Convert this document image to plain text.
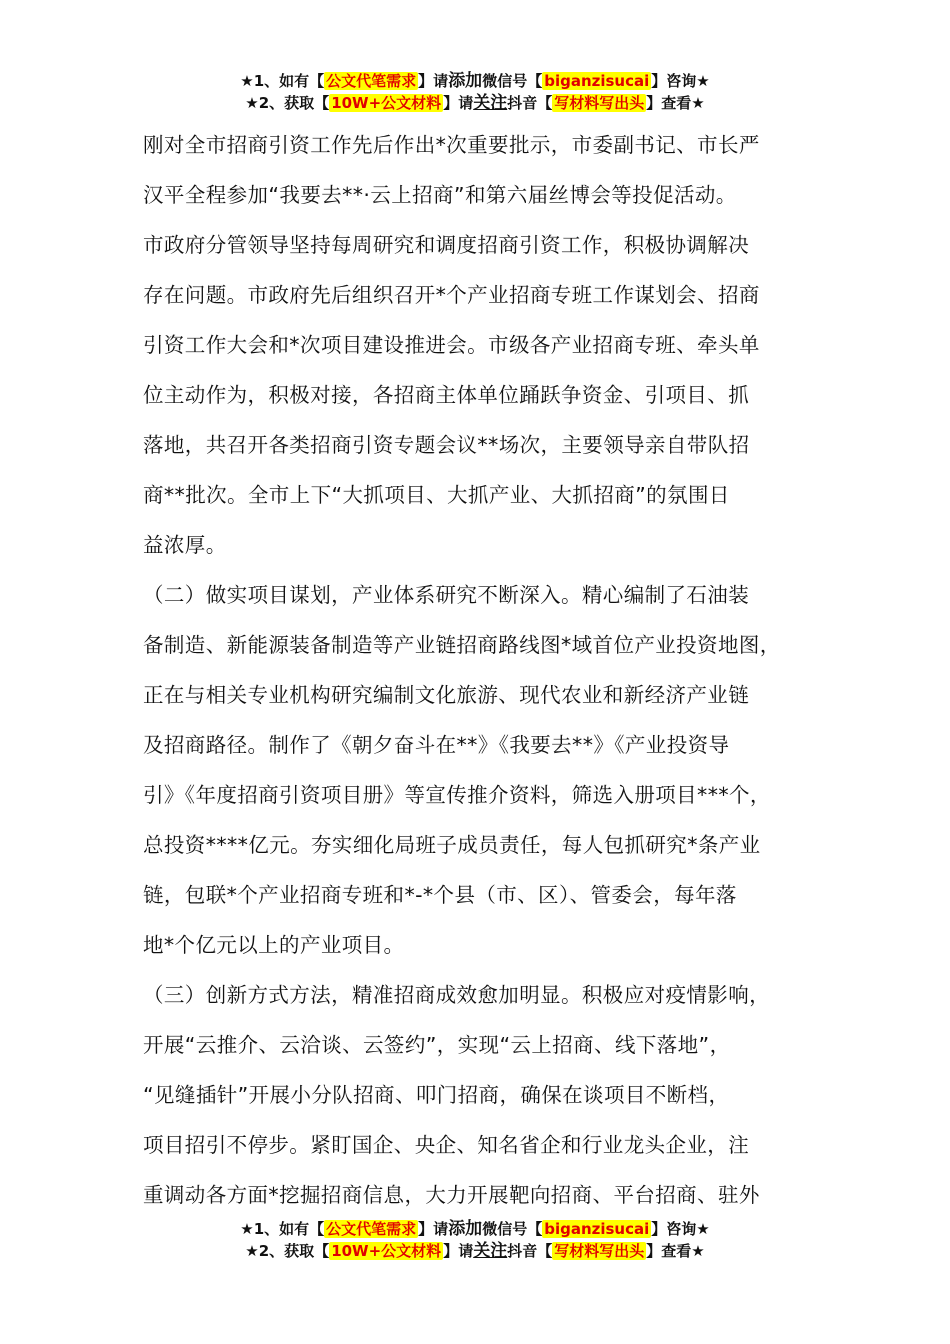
★1、如有【 公文代笔需求 】请添加微信号【 biganzisucai 】咨询★
★2、获取【 10W+公文材料 】请关注抖音【 写材料写出头 】查看★
刚对全市招商引资工作先后作出*次重要批示，市委副书记、市长严
汉平全程参加“我要去**·云上招商”和第六届丝博会等投促活动。
市政府分管领导坚持每周研究和调度招商引资工作，积极协调解决
存在问题。市政府先后组织召开*个产业招商专班工作谋划会、招商
引资工作大会和*次项目建设推进会。市级各产业招商专班、牵头单
位主动作为，积极对接，各招商主体单位踊跃争资金、引项目、抓
落地，共召开各类招商引资专题会议**场次，主要领导亲自带队招
商**批次。全市上下“大抓项目、大抓产业、大抓招商”的氛围日
益浓厚。
（二）做实项目谋划，产业体系研究不断深入。精心编制了石油装
备制造、新能源装备制造等产业链招商路线图*域首位产业投资地图，
正在与相关专业机构研究编制文化旅游、现代农业和新经济产业链
及招商路径。制作了《朝夕奋斗在**》《我要去**》《产业投资导
引》《年度招商引资项目册》等宣传推介资料，筛选入册项目***个，
总投资****亿元。夯实细化局班子成员责任，每人包抓研究*条产业
链，包联*个产业招商专班和*-*个县（市、区）、管委会，每年落
地*个亿元以上的产业项目。
（三）创新方式方法，精准招商成效愈加明显。积极应对疫情影响，
开展“云推介、云洽谈、云签约”，实现“云上招商、线下落地”，
“见缝插针”开展小分队招商、叩门招商，确保在谈项目不断档，
项目招引不停步。紧盯国企、央企、知名省企和行业龙头企业，注
重调动各方面*挖掘招商信息，大力开展靶向招商、平台招商、驻外
★1、如有【 公文代笔需求 】请添加微信号【 biganzisucai 】咨询★
★2、获取【 10W+公文材料 】请关注抖音【 写材料写出头 】查看★
